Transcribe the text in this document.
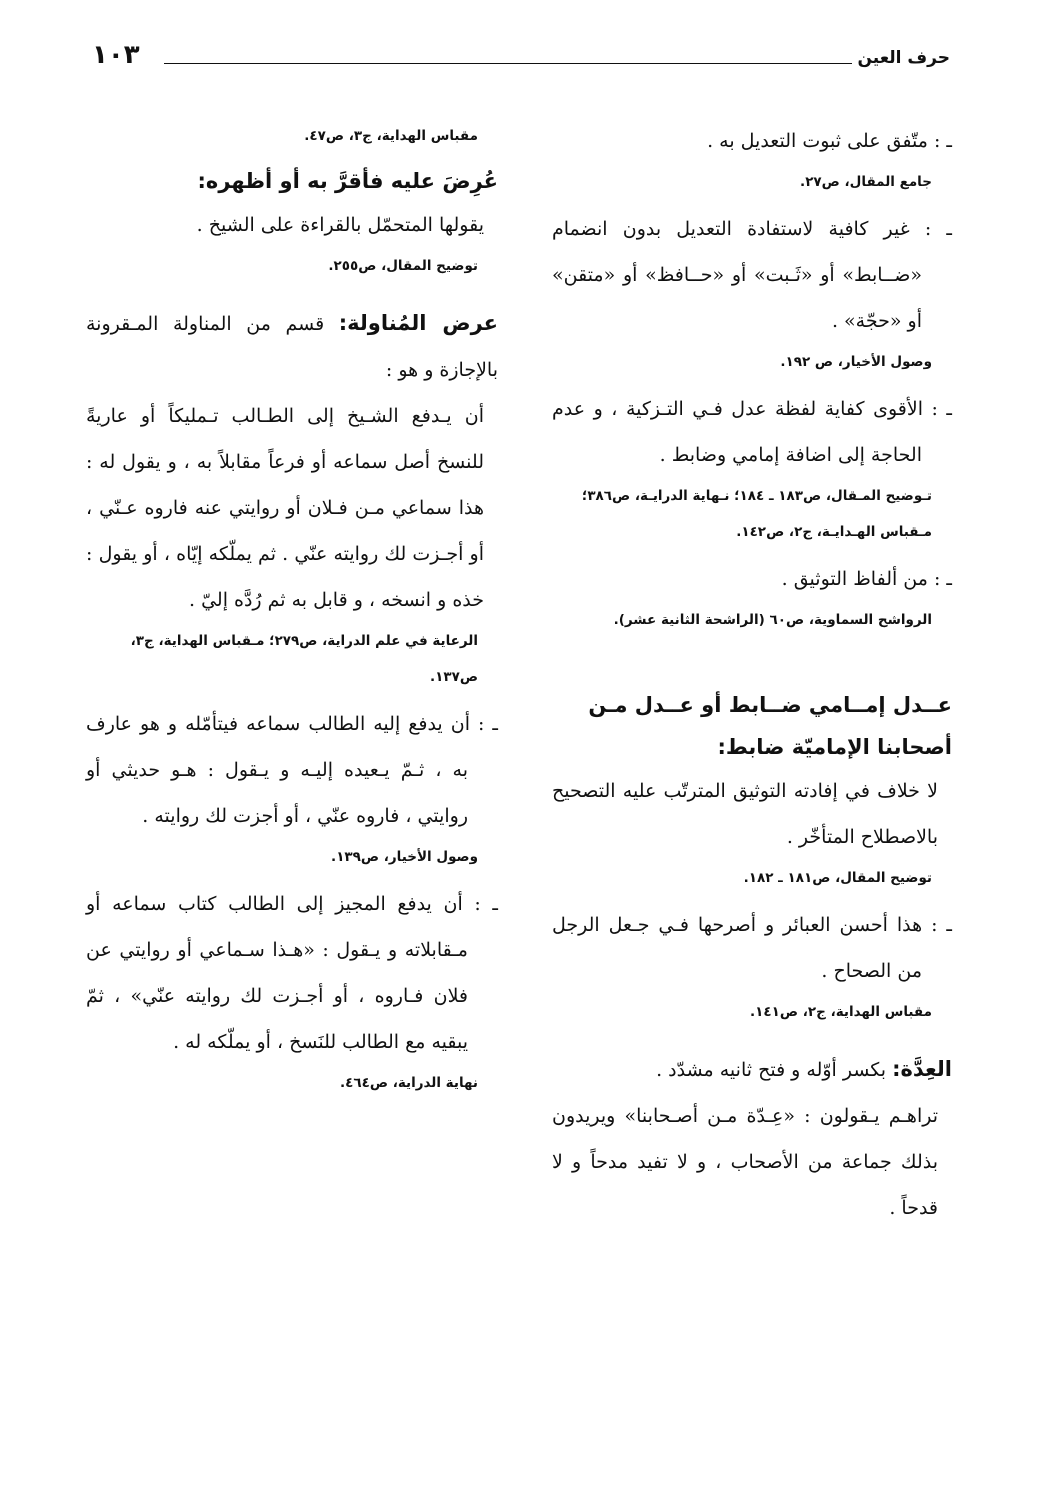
حرف العين
١٠٣

ـ : متّفق على ثبوت التعديل به .

جامع المقال، ص٢٧.

ـ : غير كافية لاستفادة التعديل بدون انضمام «ضــابط» أو «ثَـبت» أو «حــافظ» أو «متقن» أو «حجّة» .

وصول الأخيار، ص ١٩٢.

ـ : الأقوى كفاية لفظة عدل فـي التـزكية ، و عدم الحاجة إلى اضافة إمامي وضابط .

تـوضيح المـقال، ص١٨٣ ـ ١٨٤؛ نـهاية الدرايـة، ص٣٨٦؛ مـقباس الهـدايـة، ج٢، ص١٤٢.

ـ : من ألفاظ التوثيق .

الرواشح السماوية، ص٦٠ (الراشحة الثانية عشر).

عــدل إمــامي ضــابط أو عــدل مـن أصحابنا الإماميّة ضابط:

لا خلاف في إفادته التوثيق المترتّب عليه التصحيح بالاصطلاح المتأخّر .

توضيح المقال، ص١٨١ ـ ١٨٢.

ـ : هذا أحسن العبائر و أصرحها فـي جـعل الرجل من الصحاح .

مقباس الهداية، ج٢، ص١٤١.

العِدَّة: بكسر أوّله و فتح ثانيه مشدّد .

تراهـم يـقولون : «عِـدّة مـن أصـحابنا» ويريدون بذلك جماعة من الأصحاب ، و لا تفيد مدحاً و لا قدحاً .

مقباس الهداية، ج٣، ص٤٧.

عُرِضَ عليه فأقرَّ به أو أظهره:

يقولها المتحمّل بالقراءة على الشيخ .

توضيح المقال، ص٢٥٥.

عرض المُناولة: قسم من المناولة المـقرونة بالإجازة و هو :

أن يـدفع الشـيخ إلى الطـالب تـمليكاً أو عاريةً للنسخ أصل سماعه أو فرعاً مقابلاً به ، و يقول له : هذا سماعي مـن فـلان أو روايتي عنه فاروه عـنّي ، أو أجـزت لك روايته عنّي . ثم يملّكه إيّاه ، أو يقول : خذه و انسخه ، و قابل به ثم رُدَّه إليّ .

الرعاية في علم الدراية، ص٢٧٩؛ مـقباس الهداية، ج٣، ص١٣٧.

ـ : أن يدفع إليه الطالب سماعه فيتأمّله و هو عارف به ، ثـمّ يـعيده إليـه و يـقول : هـو حديثي أو روايتي ، فاروه عنّي ، أو أجزت لك روايته .

وصول الأخيار، ص١٣٩.

ـ : أن يدفع المجيز إلى الطالب كتاب سماعه أو مـقابلاته و يـقول : «هـذا سـماعي أو روايتي عن فلان فـاروه ، أو أجـزت لك روايته عنّي» ، ثمّ يبقيه مع الطالب للنَسخ ، أو يملّكه له .

نهاية الدراية، ص٤٦٤.
